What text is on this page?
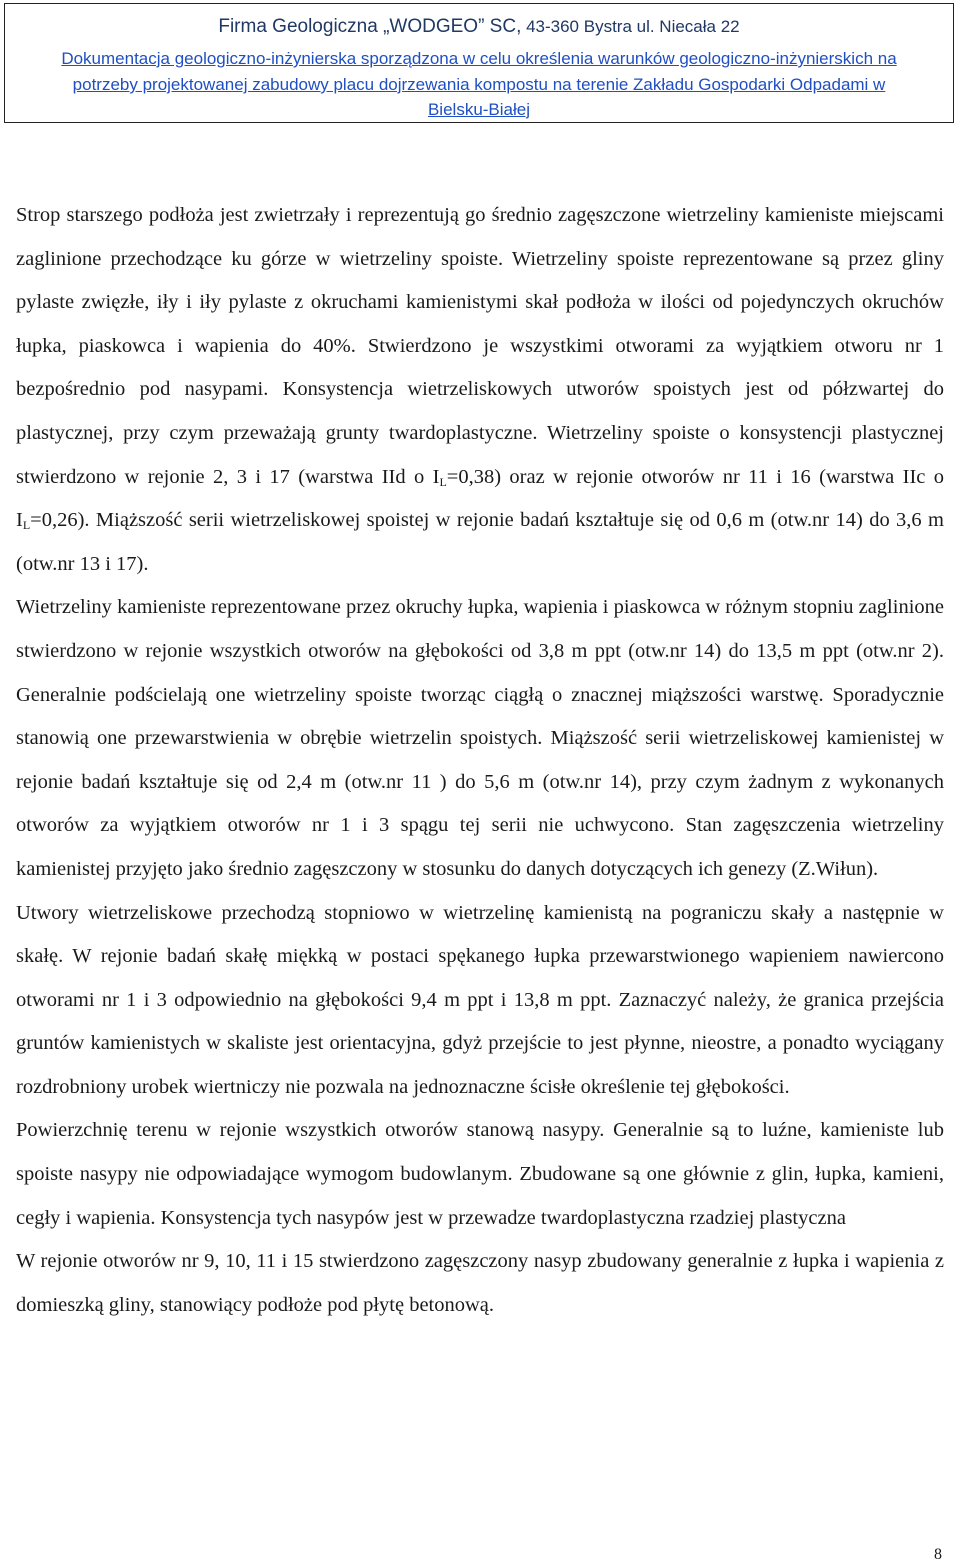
Firma Geologiczna „WODGEO” SC, 43-360 Bystra ul. Niecała 22
Dokumentacja geologiczno-inżynierska sporządzona w celu określenia warunków geologiczno-inżynierskich na
potrzeby projektowanej zabudowy placu dojrzewania kompostu na terenie Zakładu Gospodarki Odpadami w
Bielsku-Białej

Strop starszego podłoża jest zwietrzały i reprezentują go średnio zagęszczone wietrzeliny kamieniste miejscami zaglinione przechodzące ku górze w wietrzeliny spoiste. Wietrzeliny spoiste reprezentowane są przez gliny pylaste zwięzłe, iły i iły pylaste z okruchami kamienistymi skał podłoża w ilości od pojedynczych okruchów łupka, piaskowca i wapienia do 40%. Stwierdzono je wszystkimi otworami za wyjątkiem otworu nr 1 bezpośrednio pod nasypami. Konsystencja wietrzeliskowych utworów spoistych jest od półzwartej do plastycznej, przy czym przeważają grunty twardoplastyczne. Wietrzeliny spoiste o konsystencji plastycznej stwierdzono w rejonie 2, 3 i 17 (warstwa IId o $I_L=0,38$) oraz w rejonie otworów nr 11 i 16 (warstwa IIc o $I_L=0,26$). Miąższość serii wietrzeliskowej spoistej w rejonie badań kształtuje się od 0,6 m (otw.nr 14) do 3,6 m (otw.nr 13 i 17).

Wietrzeliny kamieniste reprezentowane przez okruchy łupka, wapienia i piaskowca w różnym stopniu zaglinione stwierdzono w rejonie wszystkich otworów na głębokości od 3,8 m ppt (otw.nr 14) do 13,5 m ppt (otw.nr 2). Generalnie podścielają one wietrzeliny spoiste tworząc ciągłą o znacznej miąższości warstwę. Sporadycznie stanowią one przewarstwienia w obrębie wietrzelin spoistych. Miąższość serii wietrzeliskowej kamienistej w rejonie badań kształtuje się od 2,4 m (otw.nr 11 ) do 5,6 m (otw.nr 14), przy czym żadnym z wykonanych otworów za wyjątkiem otworów nr 1 i 3 spągu tej serii nie uchwycono. Stan zagęszczenia wietrzeliny kamienistej przyjęto jako średnio zagęszczony w stosunku do danych dotyczących ich genezy (Z.Wiłun).

Utwory wietrzeliskowe przechodzą stopniowo w wietrzelinę kamienistą na pograniczu skały a następnie w skałę. W rejonie badań skałę miękką w postaci spękanego łupka przewarstwionego wapieniem nawiercono otworami nr 1 i 3 odpowiednio na głębokości 9,4 m ppt i 13,8 m ppt. Zaznaczyć należy, że granica przejścia gruntów kamienistych w skaliste jest orientacyjna, gdyż przejście to jest płynne, nieostre, a ponadto wyciągany rozdrobniony urobek wiertniczy nie pozwala na jednoznaczne ścisłe określenie tej głębokości.

Powierzchnię terenu w rejonie wszystkich otworów stanową nasypy. Generalnie są to luźne, kamieniste lub spoiste nasypy nie odpowiadające wymogom budowlanym. Zbudowane są one głównie z glin, łupka, kamieni, cegły i wapienia. Konsystencja tych nasypów jest w przewadze twardoplastyczna rzadziej plastyczna

W rejonie otworów nr 9, 10, 11 i 15 stwierdzono zagęszczony nasyp zbudowany generalnie z łupka i wapienia z domieszką gliny, stanowiący podłoże pod płytę betonową.

8
